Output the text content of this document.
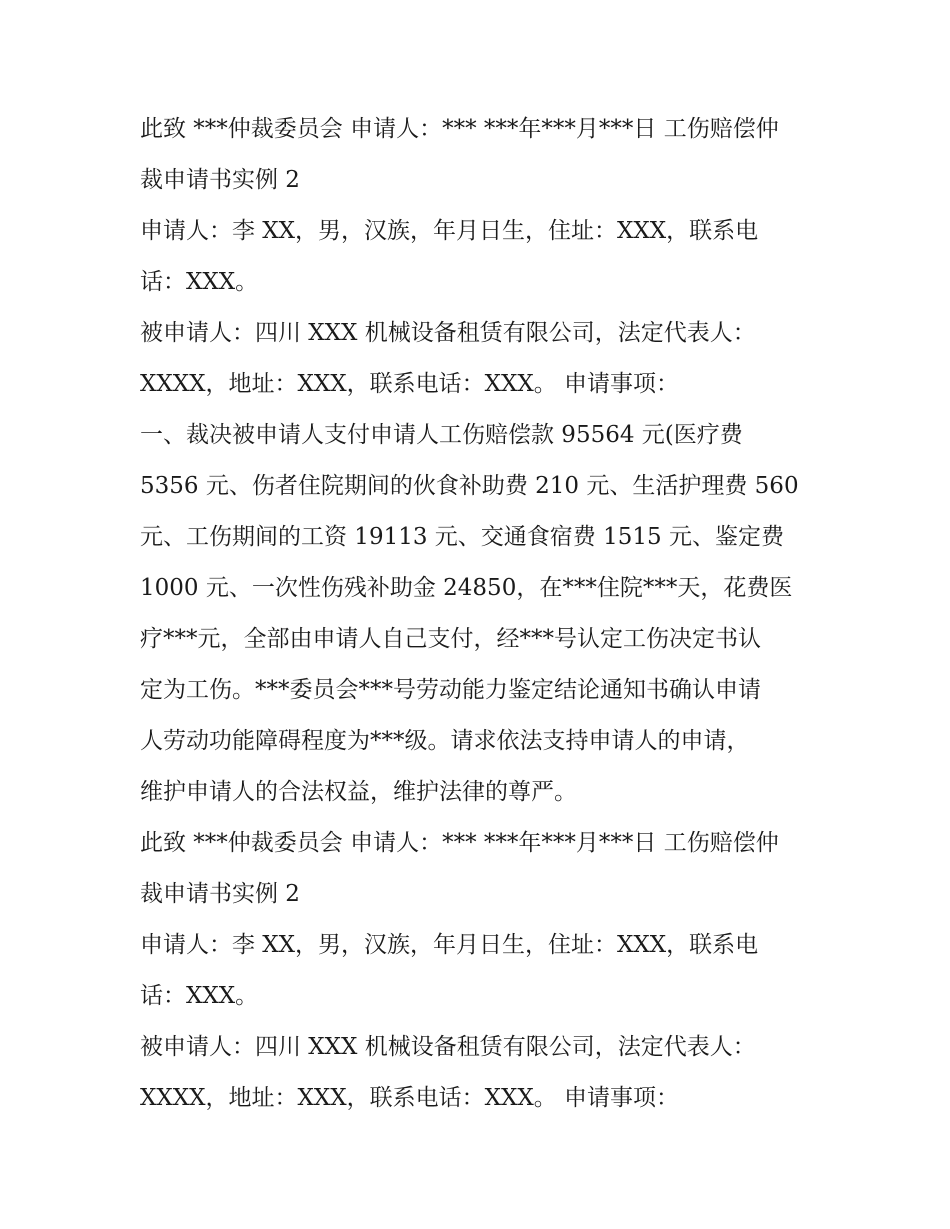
此致 ***仲裁委员会 申请人：*** ***年***月***日 工伤赔偿仲
裁申请书实例 2

申请人：李 XX，男，汉族，年月日生，住址：XXX，联系电
话：XXX。

被申请人：四川 XXX 机械设备租赁有限公司，法定代表人：
XXXX，地址：XXX，联系电话：XXX。 申请事项：

一、裁决被申请人支付申请人工伤赔偿款 95564 元(医疗费
5356 元、伤者住院期间的伙食补助费 210 元、生活护理费 560
元、工伤期间的工资 19113 元、交通食宿费 1515 元、鉴定费
1000 元、一次性伤残补助金 24850，在***住院***天，花费医
疗***元，全部由申请人自己支付，经***号认定工伤决定书认
定为工伤。***委员会***号劳动能力鉴定结论通知书确认申请
人劳动功能障碍程度为***级。请求依法支持申请人的申请，
维护申请人的合法权益，维护法律的尊严。

此致 ***仲裁委员会 申请人：*** ***年***月***日 工伤赔偿仲
裁申请书实例 2

申请人：李 XX，男，汉族，年月日生，住址：XXX，联系电
话：XXX。

被申请人：四川 XXX 机械设备租赁有限公司，法定代表人：
XXXX，地址：XXX，联系电话：XXX。 申请事项：
